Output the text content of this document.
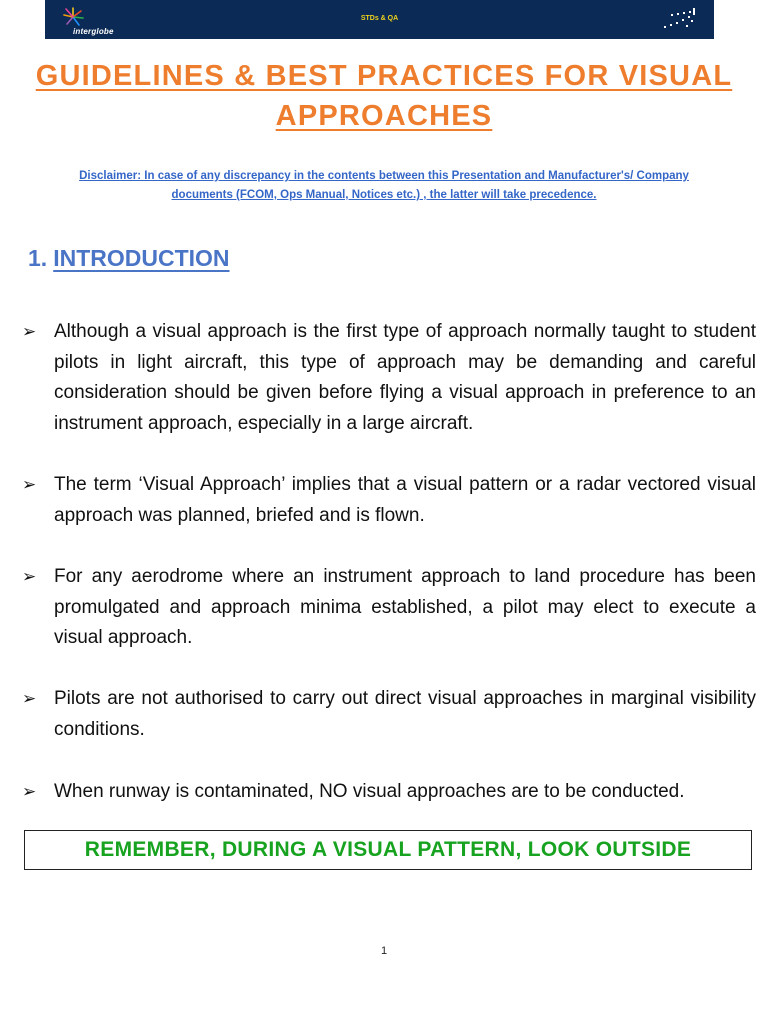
interglobe
STDs & QA
GUIDELINES & BEST PRACTICES FOR VISUAL
APPROACHES
Disclaimer: In case of any discrepancy in the contents between this Presentation and Manufacturer's/ Company
documents (FCOM, Ops Manual, Notices etc.) , the latter will take precedence.
1. INTRODUCTION
➢ Although a visual approach is the first type of approach normally taught to student pilots in light aircraft, this type of approach may be demanding and careful consideration should be given before flying a visual approach in preference to an instrument approach, especially in a large aircraft.
➢ The term ‘Visual Approach’ implies that a visual pattern or a radar vectored visual approach was planned, briefed and is flown.
➢ For any aerodrome where an instrument approach to land procedure has been promulgated and approach minima established, a pilot may elect to execute a visual approach.
➢ Pilots are not authorised to carry out direct visual approaches in marginal visibility conditions.
➢ When runway is contaminated, NO visual approaches are to be conducted.
REMEMBER, DURING A VISUAL PATTERN, LOOK OUTSIDE
1
